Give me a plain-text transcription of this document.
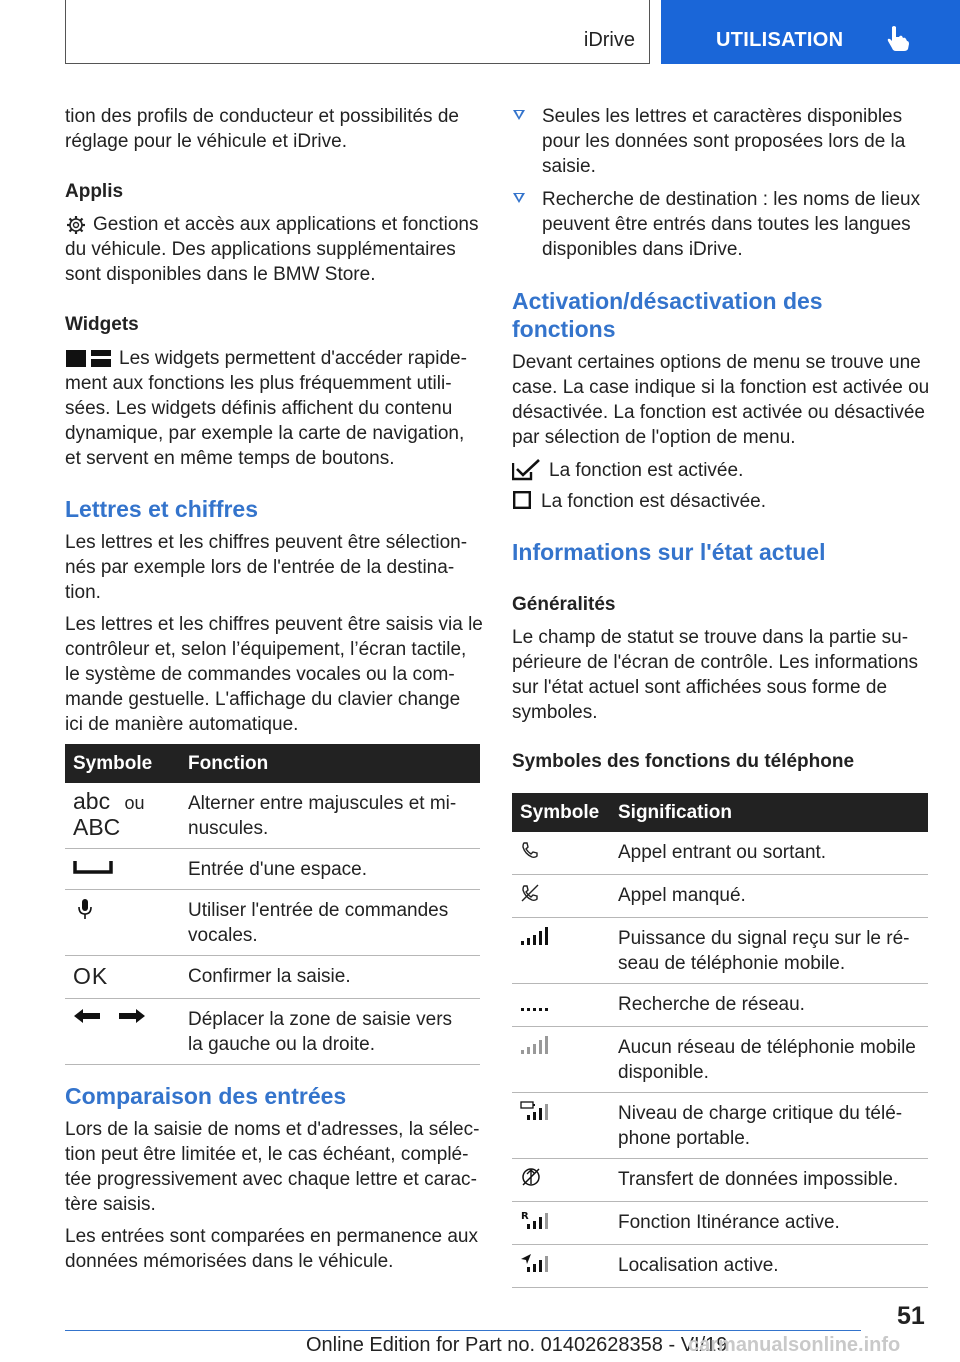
iDrive	UTILISATION
tion des profils de conducteur et possibilités de réglage pour le véhicule et iDrive.
Applis
Gestion et accès aux applications et fonctions du véhicule. Des applications supplémentaires sont disponibles dans le BMW Store.
Widgets
Les widgets permettent d'accéder rapidement aux fonctions les plus fréquemment utilisées. Les widgets définis affichent du contenu dynamique, par exemple la carte de navigation, et servent en même temps de boutons.
Lettres et chiffres
Les lettres et les chiffres peuvent être sélectionnés par exemple lors de l'entrée de la destination.
Les lettres et les chiffres peuvent être saisis via le contrôleur et, selon l’équipement, l’écran tactile, le système de commandes vocales ou la commande gestuelle. L'affichage du clavier change ici de manière automatique.
Symbole	Fonction

abc ou
ABC	Alterner entre majuscules et minuscules.
	Entrée d'une espace.
	Utiliser l'entrée de commandes vocales.
OK	Confirmer la saisie.
	Déplacer la zone de saisie vers la gauche ou la droite.
Comparaison des entrées
Lors de la saisie de noms et d'adresses, la sélection peut être limitée et, le cas échéant, complétée progressivement avec chaque lettre et caractère saisis.
Les entrées sont comparées en permanence aux données mémorisées dans le véhicule.
Seules les lettres et caractères disponibles pour les données sont proposées lors de la saisie.
Recherche de destination : les noms de lieux peuvent être entrés dans toutes les langues disponibles dans iDrive.
Activation/désactivation des fonctions
Devant certaines options de menu se trouve une case. La case indique si la fonction est activée ou désactivée. La fonction est activée ou désactivée par sélection de l'option de menu.
La fonction est activée.
La fonction est désactivée.
Informations sur l'état actuel
Généralités
Le champ de statut se trouve dans la partie supérieure de l'écran de contrôle. Les informations sur l'état actuel sont affichées sous forme de symboles.
Symboles des fonctions du téléphone
Symbole	Signification
	Appel entrant ou sortant.
	Appel manqué.
	Puissance du signal reçu sur le réseau de téléphonie mobile.
	Recherche de réseau.
	Aucun réseau de téléphonie mobile disponible.
	Niveau de charge critique du téléphone portable.
	Transfert de données impossible.

R	Fonction Itinérance active.
	Localisation active.
51
Online Edition for Part no. 01402628358 - VI/19
carmanualsonline.info
